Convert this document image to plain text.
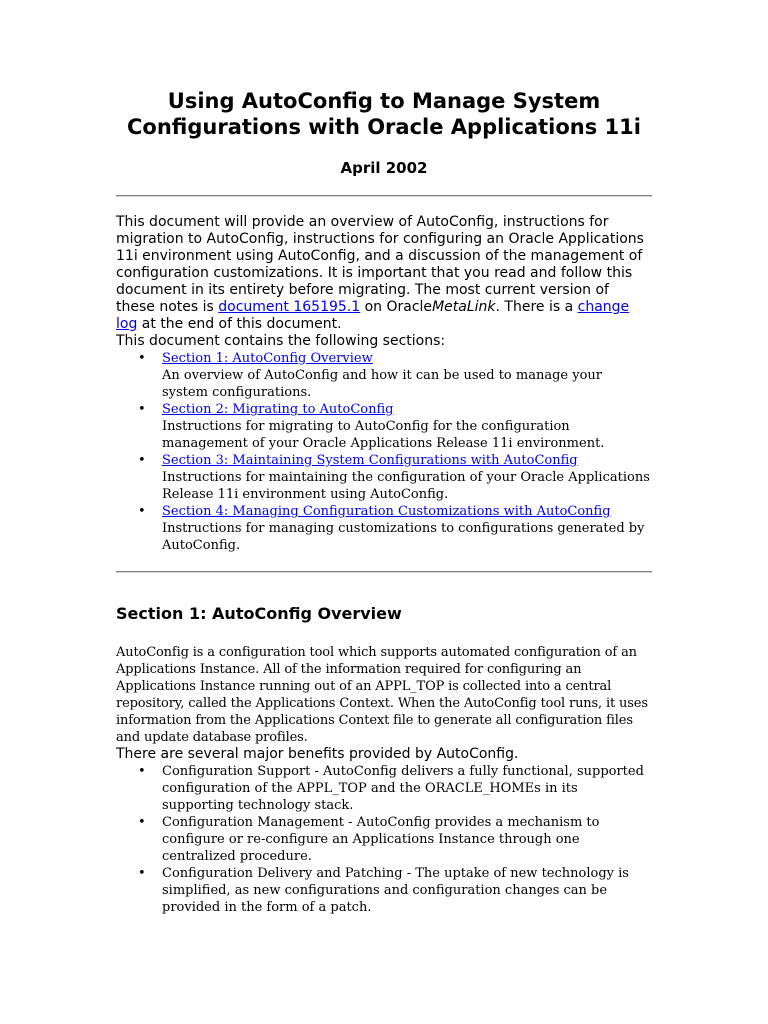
Using AutoConfig to Manage System Configurations with Oracle Applications 11i
April 2002
This document will provide an overview of AutoConfig, instructions for migration to AutoConfig, instructions for configuring an Oracle Applications 11i environment using AutoConfig, and a discussion of the management of configuration customizations. It is important that you read and follow this document in its entirety before migrating. The most current version of these notes is document 165195.1 on OracleMetaLink. There is a change log at the end of this document.
This document contains the following sections:
• Section 1: AutoConfig Overview
An overview of AutoConfig and how it can be used to manage your system configurations.
• Section 2: Migrating to AutoConfig
Instructions for migrating to AutoConfig for the configuration management of your Oracle Applications Release 11i environment.
• Section 3: Maintaining System Configurations with AutoConfig
Instructions for maintaining the configuration of your Oracle Applications Release 11i environment using AutoConfig.
• Section 4: Managing Configuration Customizations with AutoConfig
Instructions for managing customizations to configurations generated by AutoConfig.
Section 1: AutoConfig Overview
AutoConfig is a configuration tool which supports automated configuration of an Applications Instance. All of the information required for configuring an Applications Instance running out of an APPL_TOP is collected into a central repository, called the Applications Context. When the AutoConfig tool runs, it uses information from the Applications Context file to generate all configuration files and update database profiles.
There are several major benefits provided by AutoConfig.
• Configuration Support - AutoConfig delivers a fully functional, supported configuration of the APPL_TOP and the ORACLE_HOMEs in its supporting technology stack.
• Configuration Management - AutoConfig provides a mechanism to configure or re-configure an Applications Instance through one centralized procedure.
• Configuration Delivery and Patching - The uptake of new technology is simplified, as new configurations and configuration changes can be provided in the form of a patch.
